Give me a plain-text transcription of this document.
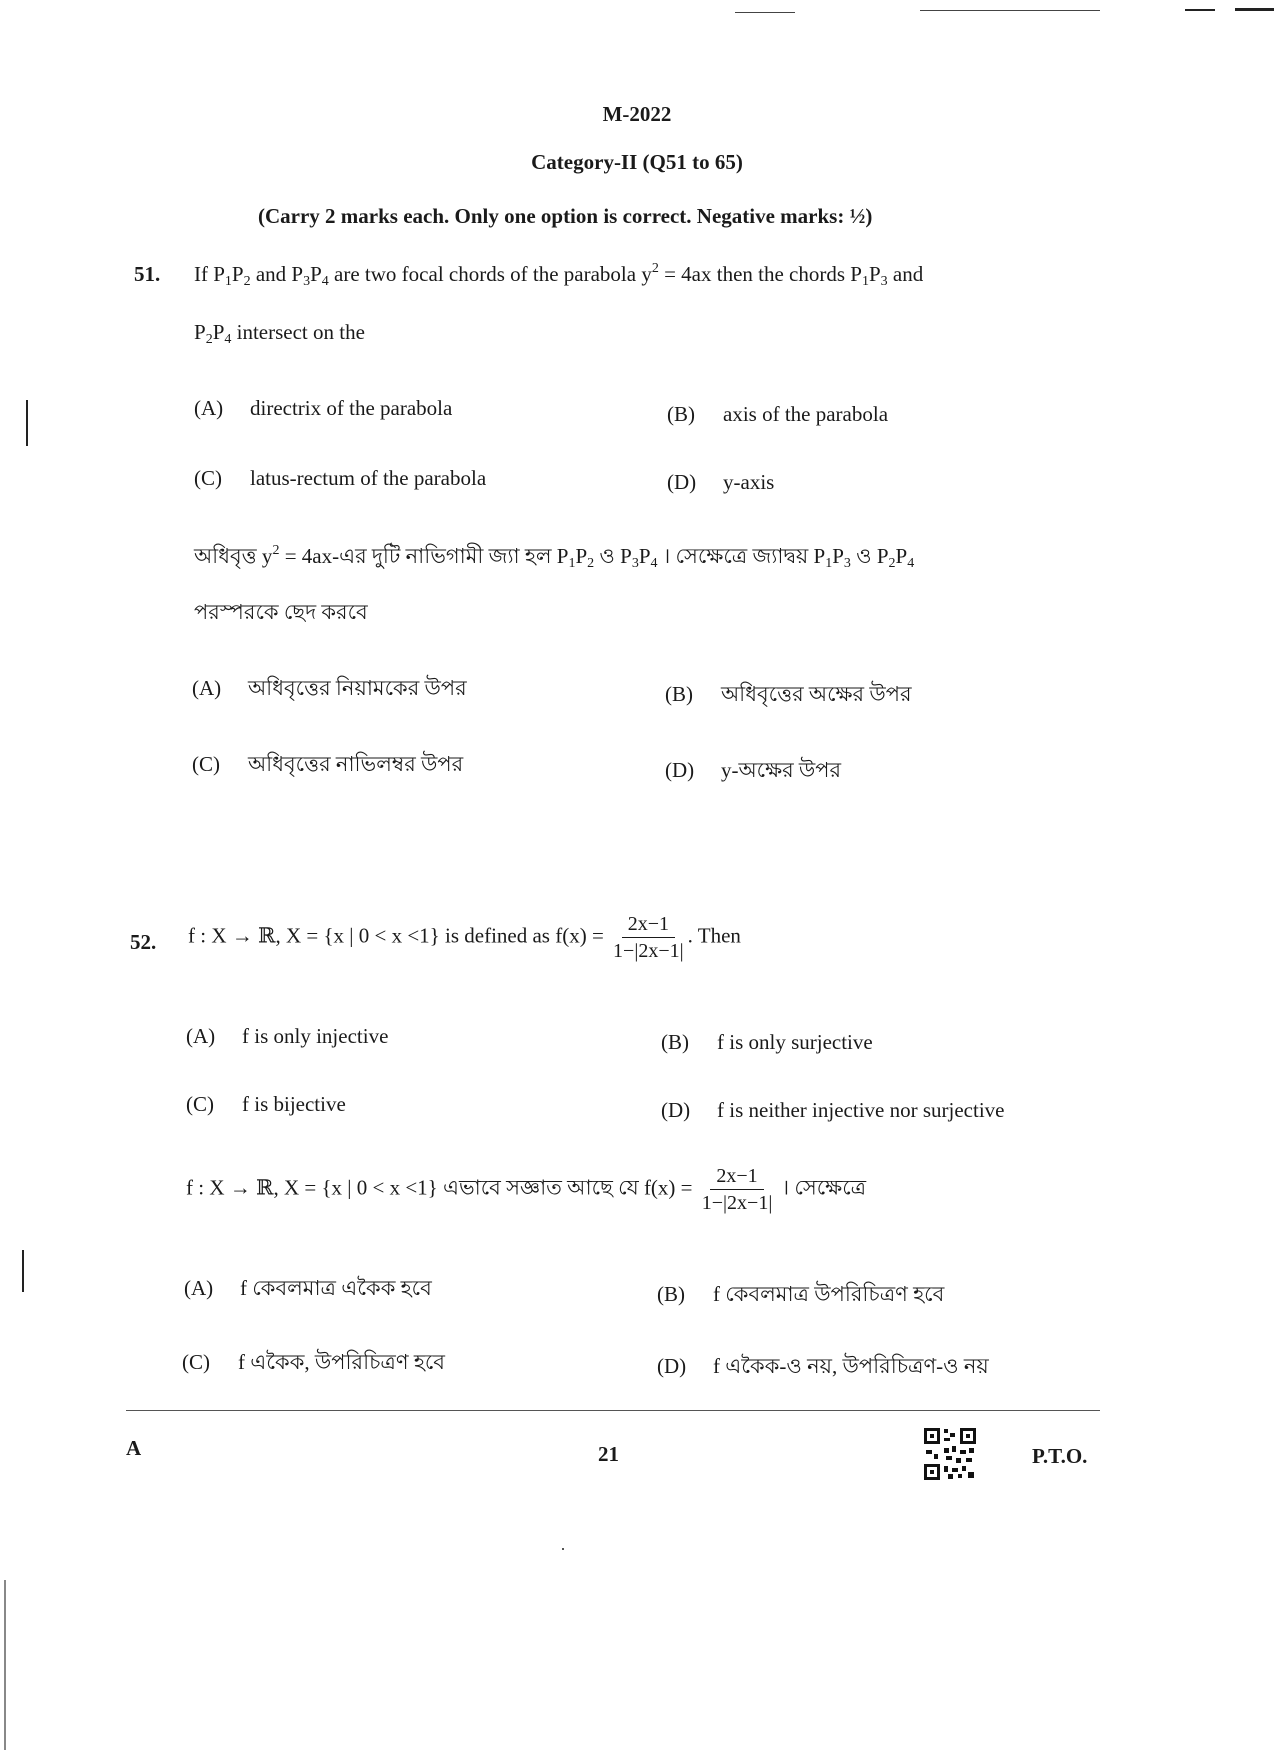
M-2022
Category-II (Q51 to 65)
(Carry 2 marks each. Only one option is correct. Negative marks: ½)
51. If $P_1P_2$ and $P_3P_4$ are two focal chords of the parabola $y^2 = 4ax$ then the chords $P_1P_3$ and
$P_2P_4$ intersect on the
(A) directrix of the parabola	(B) axis of the parabola
(C) latus-rectum of the parabola	(D) y-axis
অধিবৃত্ত $y^2$ = 4ax-এর দুটি নাভিগামী জ্যা হল $P_1P_2$ ও $P_3P_4$ । সেক্ষেত্রে জ্যাদ্বয় $P_1P_3$ ও $P_2P_4$
পরস্পরকে ছেদ করবে
(A) অধিবৃত্তের নিয়ামকের উপর	(B) অধিবৃত্তের অক্ষের উপর
(C) অধিবৃত্তের নাভিলম্বর উপর	(D) y-অক্ষের উপর
52. f : X → ℝ, X = {x | 0 < x <1} is defined as $f(x) = \frac{2x-1}{1-|2x-1|}$ . Then
(A) f is only injective	(B) f is only surjective
(C) f is bijective	(D) f is neither injective nor surjective
f : X → ℝ, X = {x | 0 < x <1} এভাবে সজ্ঞাত আছে যে $f(x) = \frac{2x-1}{1-|2x-1|}$ । সেক্ষেত্রে
(A) f কেবলমাত্র একৈক হবে	(B) f কেবলমাত্র উপরিচিত্রণ হবে
(C) f একৈক, উপরিচিত্রণ হবে	(D) f একৈক-ও নয়, উপরিচিত্রণ-ও নয়
A	21	P.T.O.
